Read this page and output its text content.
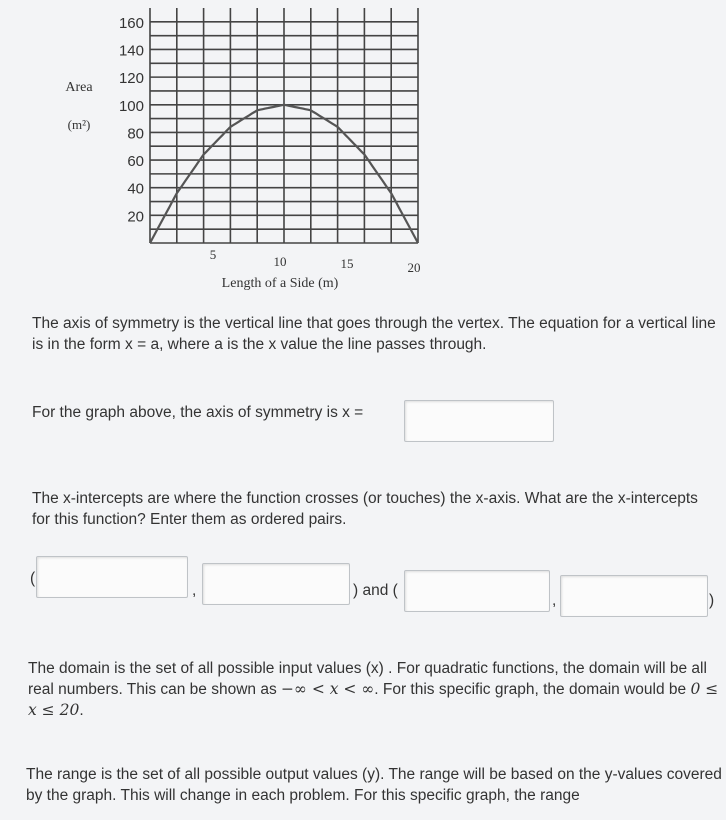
20
40
60
80
100
120
140
160
5	10	15	20
Area
(m²)
Length of a Side (m)
The axis of symmetry is the vertical line that goes through the vertex. The equation for a vertical line is in the form x = a, where a is the x value the line passes through.
For the graph above, the axis of symmetry is x =
The x-intercepts are where the function crosses (or touches) the x-axis. What are the x-intercepts for this function? Enter them as ordered pairs.
(
,	) and (
,	)
The domain is the set of all possible input values (x) . For quadratic functions, the domain will be all real numbers. This can be shown as −∞ < x < ∞. For this specific graph, the domain would be 0 ≤ x ≤ 20.
The range is the set of all possible output values (y). The range will be based on the y-values covered by the graph. This will change in each problem. For this specific graph, the range
